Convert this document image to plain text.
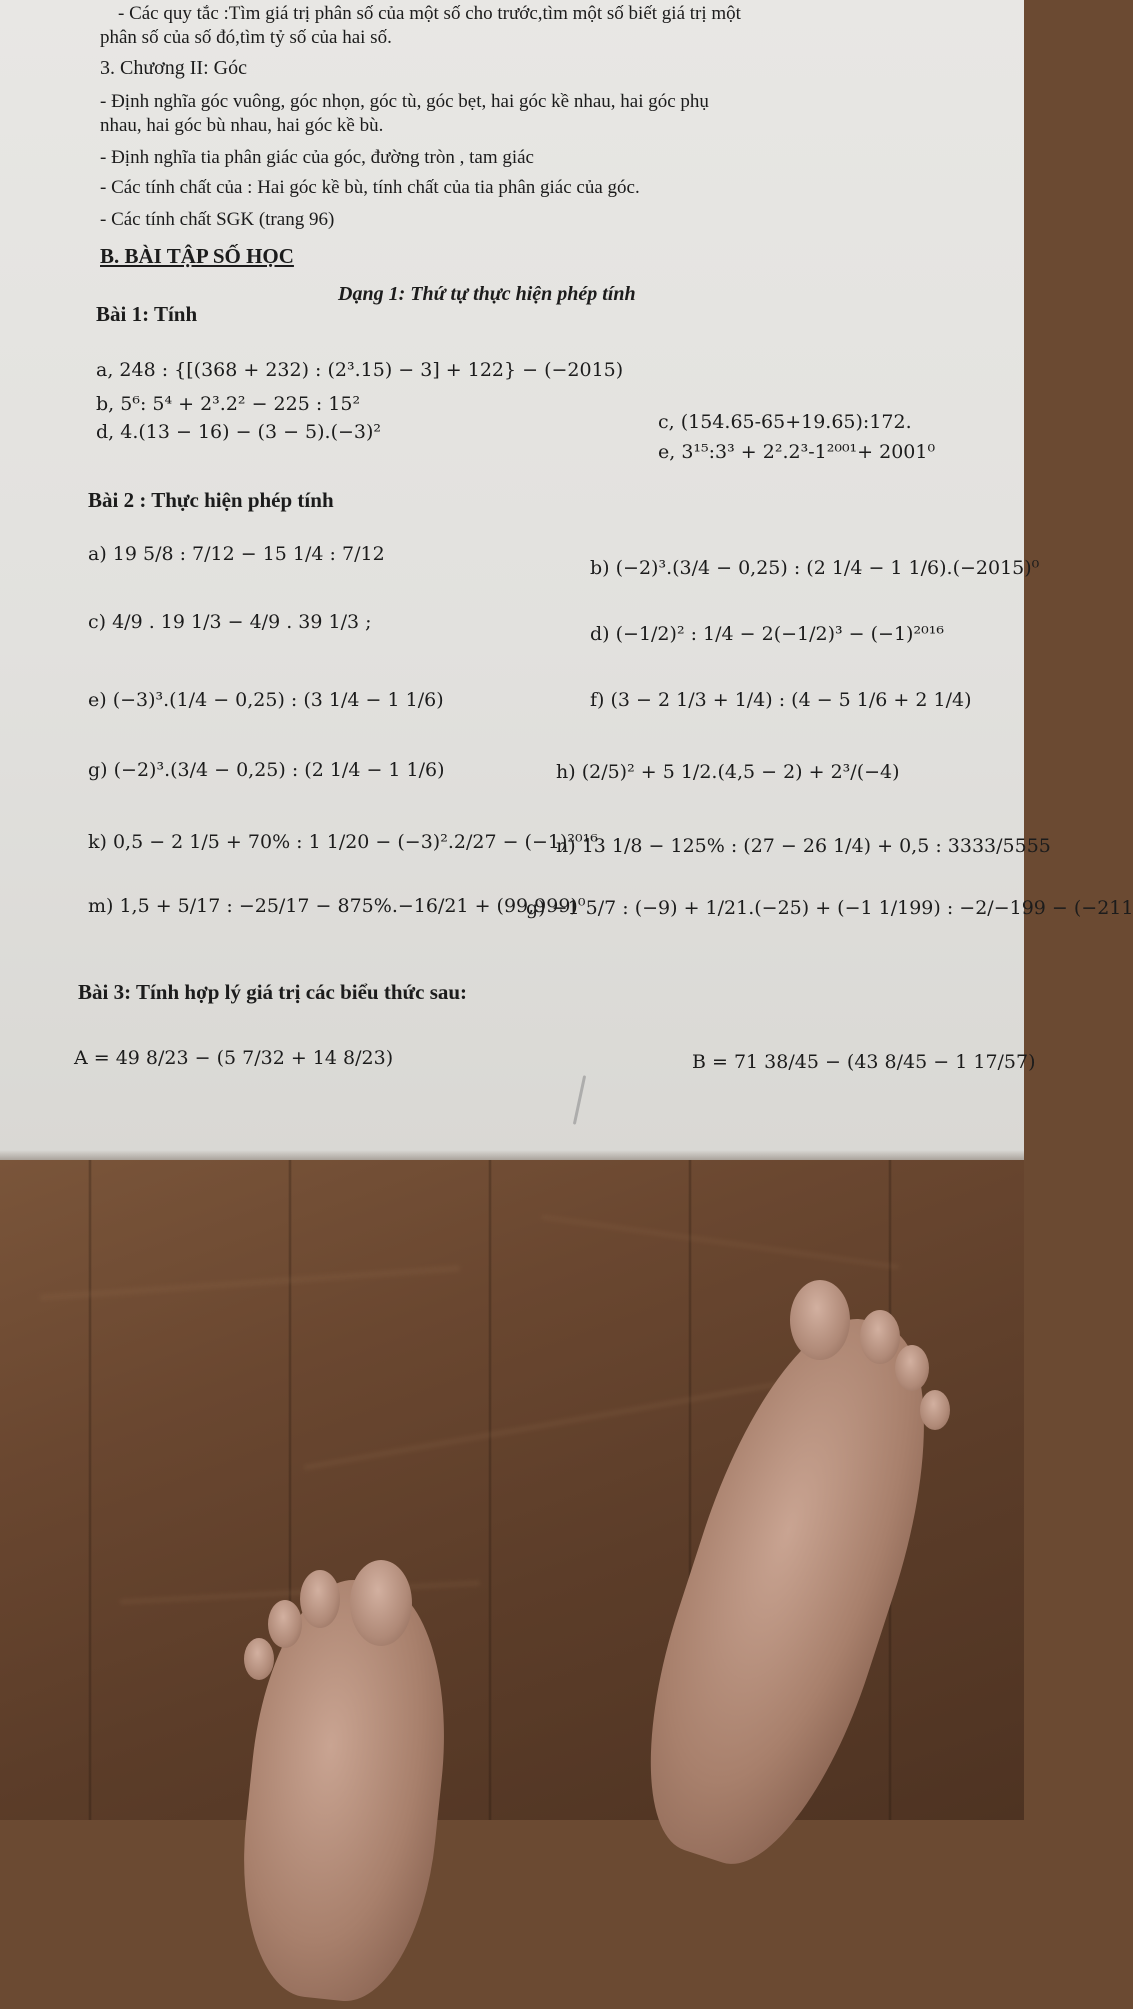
- Các quy tắc :Tìm giá trị phân số của một số cho trước,tìm một số biết giá trị một
phân số của số đó,tìm tỷ số của hai số.
3. Chương II: Góc
- Định nghĩa góc vuông, góc nhọn, góc tù, góc bẹt, hai góc kề nhau, hai góc phụ
nhau, hai góc bù nhau, hai góc kề bù.
- Định nghĩa tia phân giác của góc, đường tròn , tam giác
- Các tính chất của : Hai góc kề bù, tính chất của tia phân giác của góc.
- Các tính chất SGK (trang 96)
B. BÀI TẬP SỐ HỌC
Dạng 1: Thứ tự thực hiện phép tính
Bài 1: Tính
a, 248 : {[(368 + 232) : (2³.15) − 3] + 122} − (−2015)
b, 5⁶: 5⁴ + 2³.2² − 225 : 15²
c, (154.65-65+19.65):172.
d, 4.(13 − 16) − (3 − 5).(−3)²
e, 3¹⁵:3³ + 2².2³-1²⁰⁰¹+ 2001⁰
Bài 2 : Thực hiện phép tính
a) 19 5/8 : 7/12 − 15 1/4 : 7/12
b) (−2)³.(3/4 − 0,25) : (2 1/4 − 1 1/6).(−2015)⁰
c) 4/9 . 19 1/3 − 4/9 . 39 1/3 ;
d) (−1/2)² : 1/4 − 2(−1/2)³ − (−1)²⁰¹⁶
e) (−3)³.(1/4 − 0,25) : (3 1/4 − 1 1/6)	f) (3 − 2 1/3 + 1/4) : (4 − 5 1/6 + 2 1/4)
g) (−2)³.(3/4 − 0,25) : (2 1/4 − 1 1/6)	h) (2/5)² + 5 1/2.(4,5 − 2) + 2³/(−4)
k) 0,5 − 2 1/5 + 70% : 1 1/20 − (−3)².2/27 − (−1)²⁰¹⁶
n) 13 1/8 − 125% : (27 − 26 1/4) + 0,5 : 3333/5555
m) 1,5 + 5/17 : −25/17 − 875%.−16/21 + (99,999)⁰
g) −1 5/7 : (−9) + 1/21.(−25) + (−1 1/199) : −2/−199 − (−211
Bài 3: Tính hợp lý giá trị các biểu thức sau:
A = 49 8/23 − (5 7/32 + 14 8/23)	B = 71 38/45 − (43 8/45 − 1 17/57)
